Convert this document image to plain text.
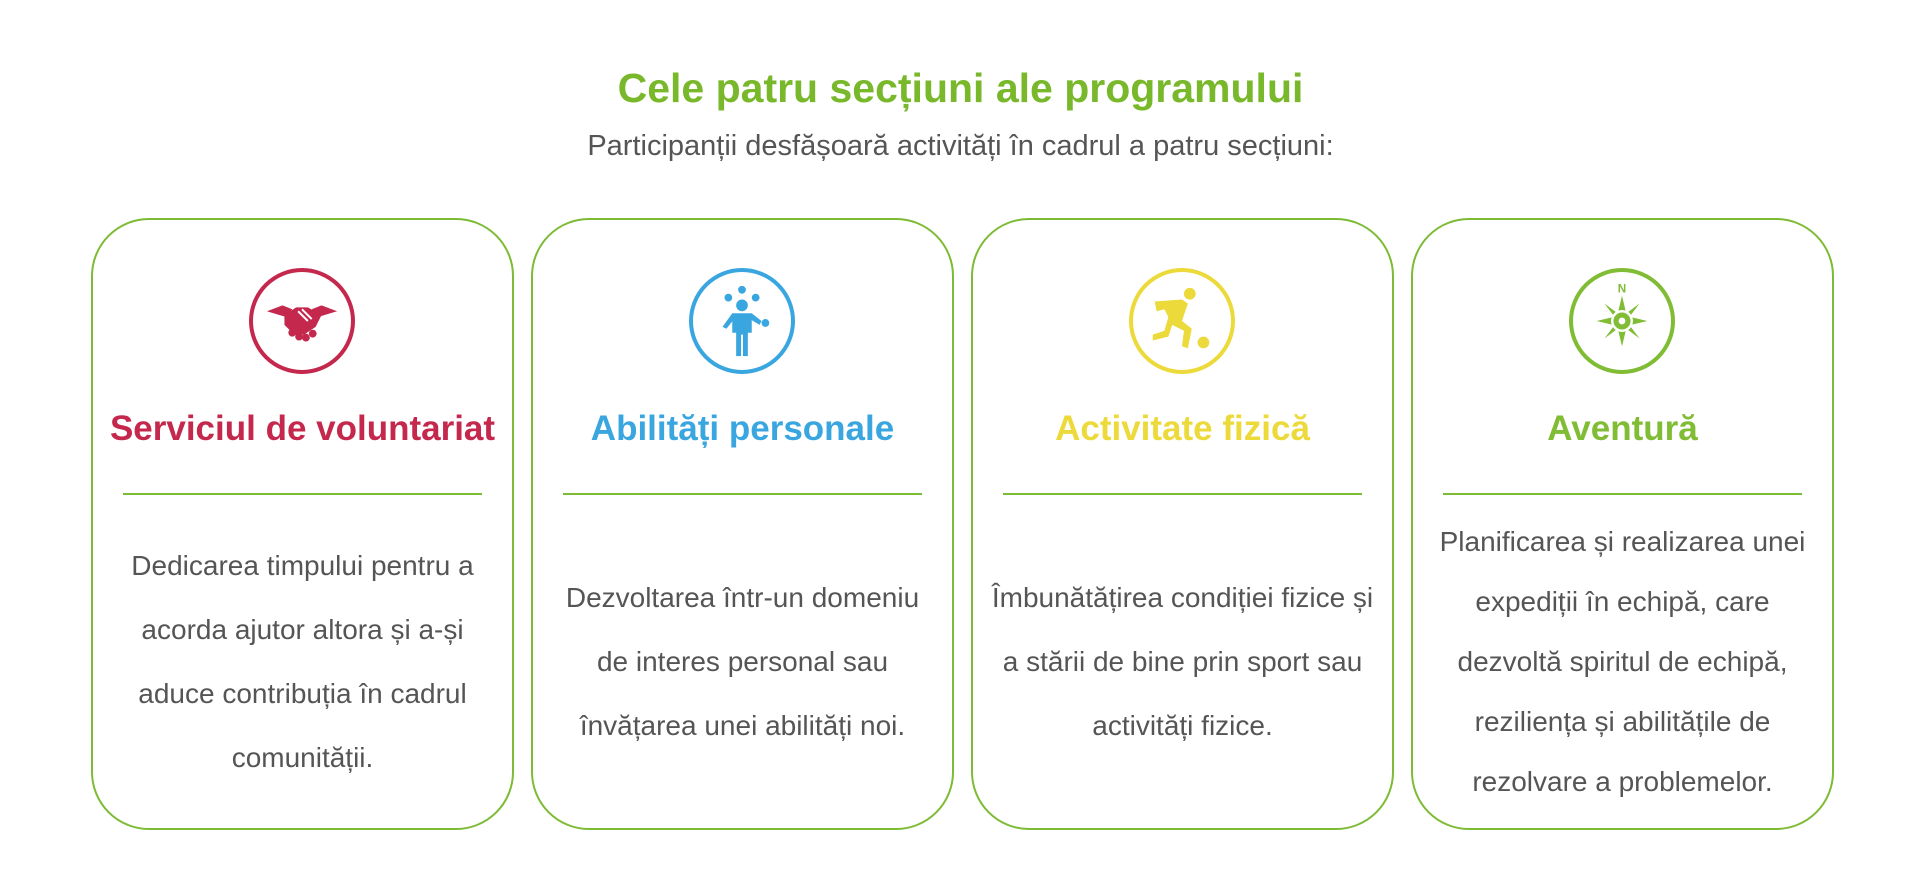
Cele patru secțiuni ale programului

Participanții desfășoară activități în cadrul a patru secțiuni:

Serviciul de voluntariat
Dedicarea timpului pentru a acorda ajutor altora și a-și aduce contribuția în cadrul comunității.
Abilități personale
Dezvoltarea într-un domeniu de interes personal sau învățarea unei abilități noi.
Activitate fizică
Îmbunătățirea condiției fizice și a stării de bine prin sport sau activități fizice.
N
Aventură
Planificarea și realizarea unei expediții în echipă, care dezvoltă spiritul de echipă, reziliența și abilitățile de rezolvare a problemelor.
